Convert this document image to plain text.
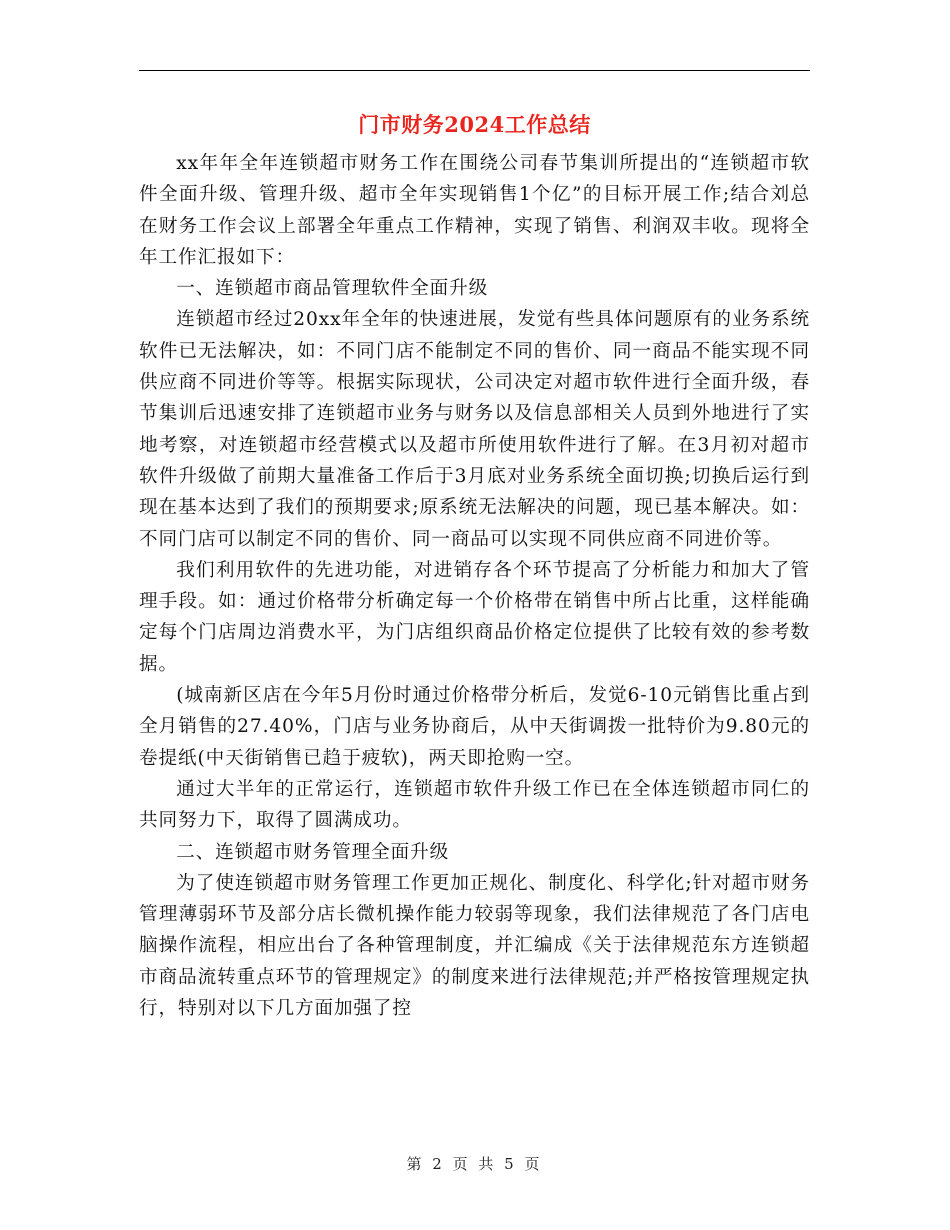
门市财务2024工作总结

xx年年全年连锁超市财务工作在围绕公司春节集训所提出的“连锁超市软件全面升级、管理升级、超市全年实现销售1个亿”的目标开展工作;结合刘总在财务工作会议上部署全年重点工作精神，实现了销售、利润双丰收。现将全年工作汇报如下：

一、连锁超市商品管理软件全面升级

连锁超市经过20xx年全年的快速进展，发觉有些具体问题原有的业务系统软件已无法解决，如：不同门店不能制定不同的售价、同一商品不能实现不同供应商不同进价等等。根据实际现状，公司决定对超市软件进行全面升级，春节集训后迅速安排了连锁超市业务与财务以及信息部相关人员到外地进行了实地考察，对连锁超市经营模式以及超市所使用软件进行了解。在3月初对超市软件升级做了前期大量准备工作后于3月底对业务系统全面切换;切换后运行到现在基本达到了我们的预期要求;原系统无法解决的问题，现已基本解决。如：不同门店可以制定不同的售价、同一商品可以实现不同供应商不同进价等。

我们利用软件的先进功能，对进销存各个环节提高了分析能力和加大了管理手段。如：通过价格带分析确定每一个价格带在销售中所占比重，这样能确定每个门店周边消费水平，为门店组织商品价格定位提供了比较有效的参考数据。

(城南新区店在今年5月份时通过价格带分析后，发觉6-10元销售比重占到全月销售的27.40%，门店与业务协商后，从中天街调拨一批特价为9.80元的卷提纸(中天街销售已趋于疲软)，两天即抢购一空。

通过大半年的正常运行，连锁超市软件升级工作已在全体连锁超市同仁的共同努力下，取得了圆满成功。

二、连锁超市财务管理全面升级

为了使连锁超市财务管理工作更加正规化、制度化、科学化;针对超市财务管理薄弱环节及部分店长微机操作能力较弱等现象，我们法律规范了各门店电脑操作流程，相应出台了各种管理制度，并汇编成《关于法律规范东方连锁超市商品流转重点环节的管理规定》的制度来进行法律规范;并严格按管理规定执行，特别对以下几方面加强了控

第 2 页 共 5 页
